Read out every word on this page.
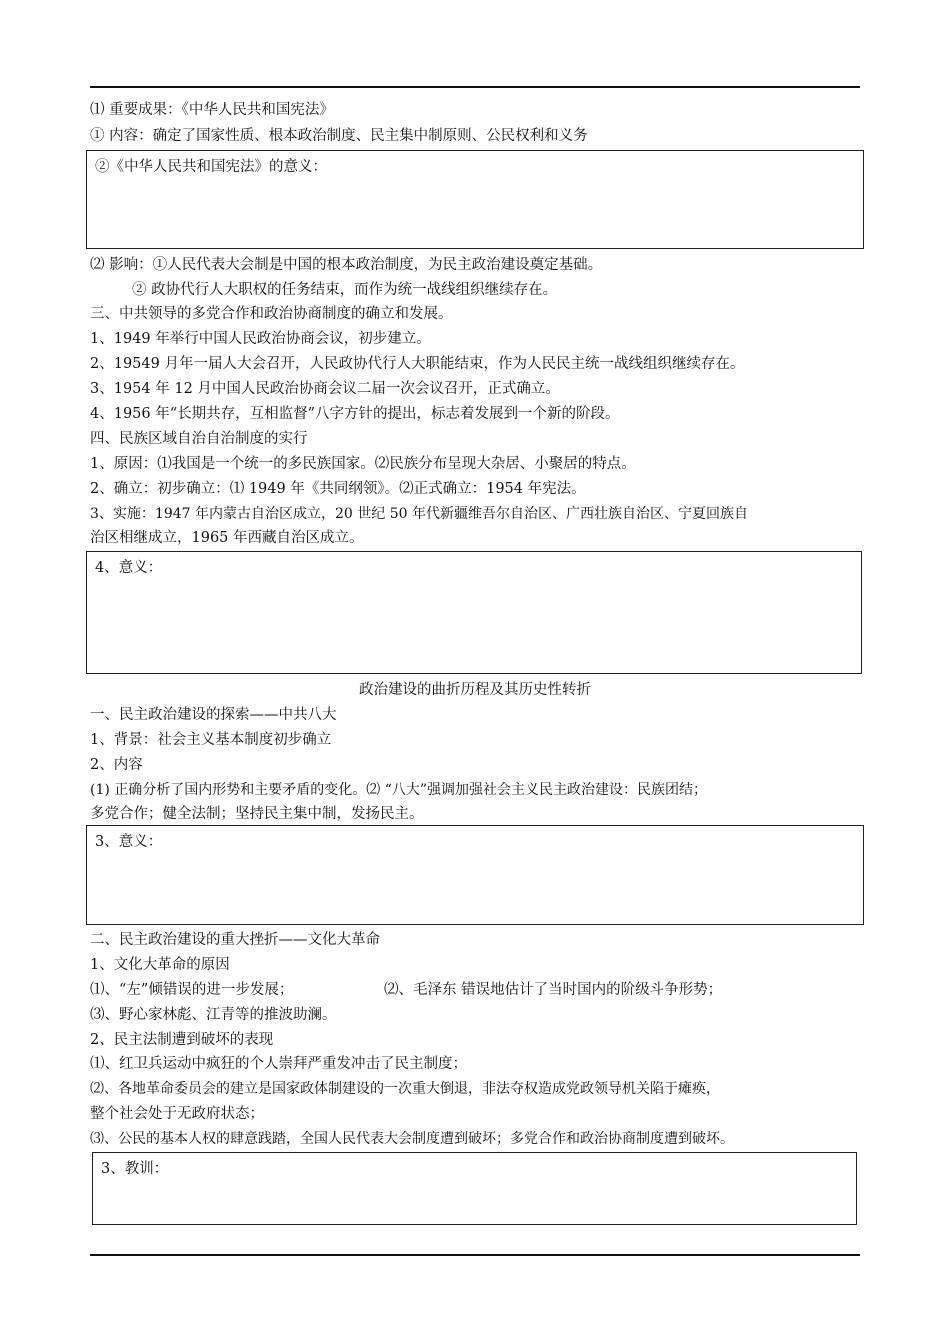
⑴ 重要成果：《中华人民共和国宪法》
① 内容：确定了国家性质、根本政治制度、民主集中制原则、公民权利和义务
②《中华人民共和国宪法》的意义：
⑵ 影响：①人民代表大会制是中国的根本政治制度，为民主政治建设奠定基础。
② 政协代行人大职权的任务结束，而作为统一战线组织继续存在。
三、中共领导的多党合作和政治协商制度的确立和发展。
1、1949 年举行中国人民政治协商会议，初步建立。
2、19549 月年一届人大会召开，人民政协代行人大职能结束，作为人民民主统一战线组织继续存在。
3、1954 年 12 月中国人民政治协商会议二届一次会议召开，正式确立。
4、1956 年“长期共存，互相监督”八字方针的提出，标志着发展到一个新的阶段。
四、民族区域自治自治制度的实行
1、原因：⑴我国是一个统一的多民族国家。⑵民族分布呈现大杂居、小聚居的特点。
2、确立：初步确立：⑴ 1949 年《共同纲领》。⑵正式确立：1954 年宪法。
3、实施：1947 年内蒙古自治区成立，20 世纪 50 年代新疆维吾尔自治区、广西壮族自治区、宁夏回族自
治区相继成立，1965 年西藏自治区成立。
4、意义：
政治建设的曲折历程及其历史性转折
一、民主政治建设的探索——中共八大
1、背景：社会主义基本制度初步确立
2、内容
(1) 正确分析了国内形势和主要矛盾的变化。⑵ “八大”强调加强社会主义民主政治建设：民族团结；
多党合作；健全法制；坚持民主集中制，发扬民主。
3、意义：
二、民主政治建设的重大挫折——文化大革命
1、文化大革命的原因
⑴、“左”倾错误的进一步发展；	⑵、毛泽东 错误地估计了当时国内的阶级斗争形势；
⑶、野心家林彪、江青等的推波助澜。
2、民主法制遭到破坏的表现
⑴、红卫兵运动中疯狂的个人崇拜严重发冲击了民主制度；
⑵、各地革命委员会的建立是国家政体制建设的一次重大倒退，非法夺权造成党政领导机关陷于瘫痪，
整个社会处于无政府状态；
⑶、公民的基本人权的肆意践踏，全国人民代表大会制度遭到破坏；多党合作和政治协商制度遭到破坏。
3、教训：
